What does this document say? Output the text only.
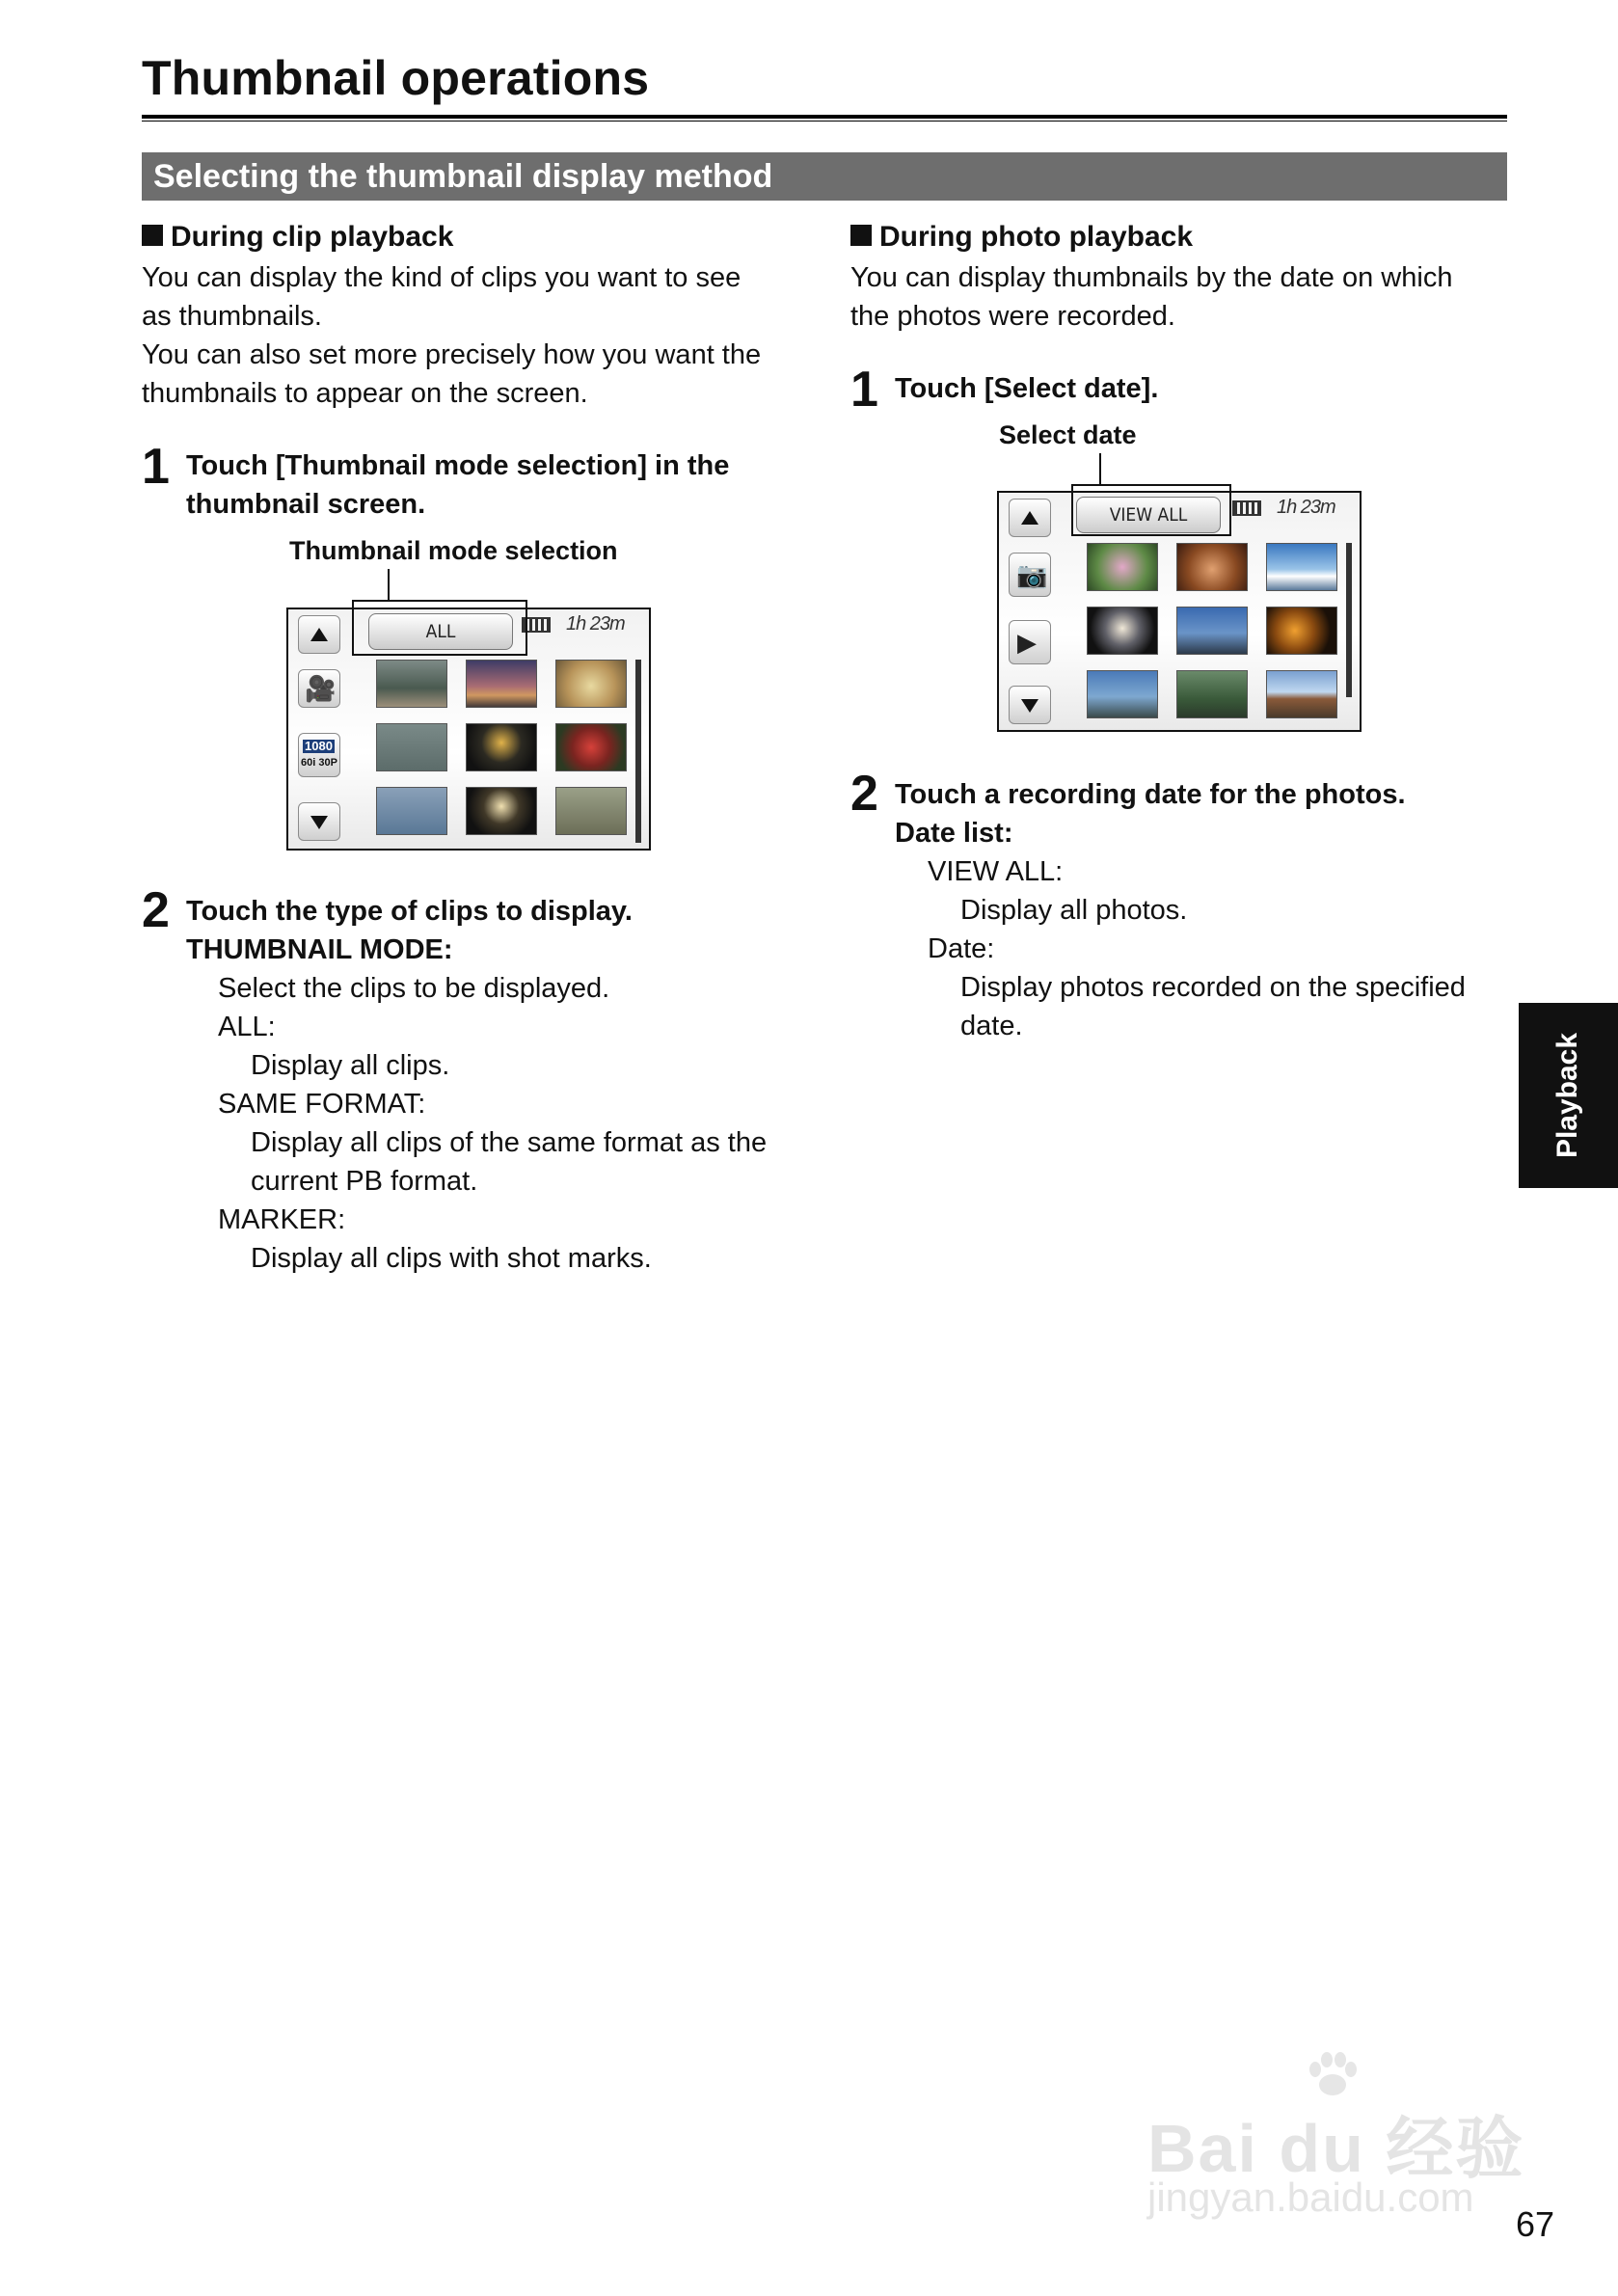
Thumbnail operations
Selecting the thumbnail display method
During clip playback
You can display the kind of clips you want to see
as thumbnails.
You can also set more precisely how you want the
thumbnails to appear on the screen.
1 Touch [Thumbnail mode selection] in the
thumbnail screen.
Thumbnail mode selection
ALL	1h 23m
🎥
1080
60i 30P
2 Touch the type of clips to display.
THUMBNAIL MODE:
Select the clips to be displayed.
ALL:
Display all clips.
SAME FORMAT:
Display all clips of the same format as the
current PB format.
MARKER:
Display all clips with shot marks.
During photo playback
You can display thumbnails by the date on which
the photos were recorded.
1 Touch [Select date].
Select date
VIEW ALL	1h 23m
📷
▶
2 Touch a recording date for the photos.
Date list:
VIEW ALL:
Display all photos.
Date:
Display photos recorded on the specified
date.
Playback
Bai du 经验
jingyan.baidu.com
67
